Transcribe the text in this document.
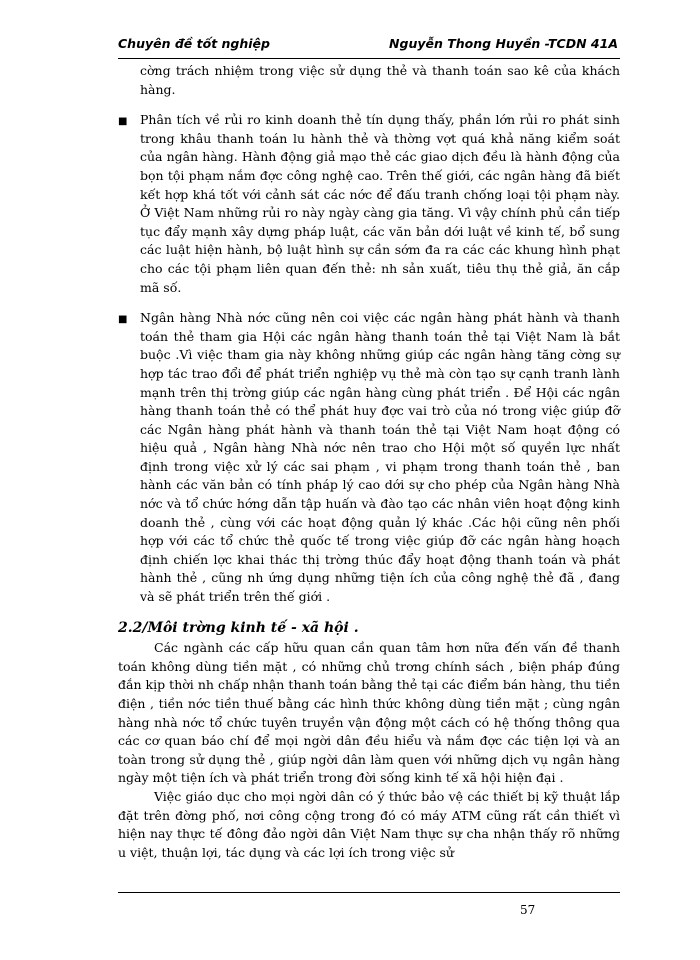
Chuyên đề tốt nghiệp	Nguyễn Thong Huyền -TCDN 41A

cờng trách nhiệm trong việc sử dụng thẻ và thanh toán sao kê của khách hàng.

■ Phân tích về rủi ro kinh doanh thẻ tín dụng thấy, phần lớn rủi ro phát sinh trong khâu thanh toán lu hành thẻ và thờng vợt quá khả năng kiểm soát của ngân hàng. Hành động giả mạo thẻ các giao dịch đều là hành động của bọn tội phạm nắm đợc công nghệ cao. Trên thế giới, các ngân hàng đã biết kết hợp khá tốt với cảnh sát các nớc để đấu tranh chống loại tội phạm này. Ở Việt Nam những rủi ro này ngày càng gia tăng. Vì vậy chính phủ cần tiếp tục đẩy mạnh xây dựng pháp luật, các văn bản dới luật về kinh tế, bổ sung các luật hiện hành, bộ luật hình sự cần sớm đa ra các các khung hình phạt cho các tội phạm liên quan đến thẻ: nh sản xuất, tiêu thụ thẻ giả, ăn cắp mã số.

■ Ngân hàng Nhà nớc cũng nên coi việc các ngân hàng phát hành và thanh toán thẻ tham gia Hội các ngân hàng thanh toán thẻ tại Việt Nam là bắt buộc .Vì việc tham gia này không những giúp các ngân hàng tăng cờng sự hợp tác trao đổi để phát triển nghiệp vụ thẻ mà còn tạo sự cạnh tranh lành mạnh trên thị trờng giúp các ngân hàng cùng phát triển . Để Hội các ngân hàng thanh toán thẻ có thể phát huy đợc vai trò của nó trong việc giúp đỡ các Ngân hàng phát hành và thanh toán thẻ tại Việt Nam hoạt động có hiệu quả , Ngân hàng Nhà nớc nên trao cho Hội một số quyền lực nhất định trong việc xử lý các sai phạm , vi phạm trong thanh toán thẻ , ban hành các văn bản có tính pháp lý cao dới sự cho phép của Ngân hàng Nhà nớc và tổ chức hớng dẫn tập huấn và đào tạo các nhân viên hoạt động kinh doanh thẻ , cùng với các hoạt động quản lý khác .Các hội cũng nên phối hợp với các tổ chức thẻ quốc tế trong việc giúp đỡ các ngân hàng hoạch định chiến lợc khai thác thị trờng thúc đẩy hoạt động thanh toán và phát hành thẻ , cũng nh ứng dụng những tiện ích của công nghệ thẻ đã , đang và sẽ phát triển trên thế giới .

2.2/Môi trờng kinh tế - xã hội .

Các ngành các cấp hữu quan cần quan tâm hơn nữa đến vấn đề thanh toán không dùng tiền mặt , có những chủ trơng chính sách , biện pháp đúng đắn kịp thời nh chấp nhận thanh toán bằng thẻ tại các điểm bán hàng, thu tiền điện , tiền nớc tiền thuế bằng các hình thức không dùng tiền mặt ; cùng ngân hàng nhà nớc tổ chức tuyên truyền vận động một cách có hệ thống thông qua các cơ quan báo chí để mọi ngời dân đều hiểu và nắm đợc các tiện lợi và an toàn trong sử dụng thẻ , giúp ngời dân làm quen với những dịch vụ ngân hàng ngày một tiện ích và phát triển trong đời sống kinh tế xã hội hiện đại .

Việc giáo dục cho mọi ngời dân có ý thức bảo vệ các thiết bị kỹ thuật lắp đặt trên đờng phố, nơi công cộng trong đó có máy ATM cũng rất cần thiết vì hiện nay thực tế đông đảo ngời dân Việt Nam thực sự cha nhận thấy rõ những u việt, thuận lợi, tác dụng và các lợi ích trong việc sử

57
